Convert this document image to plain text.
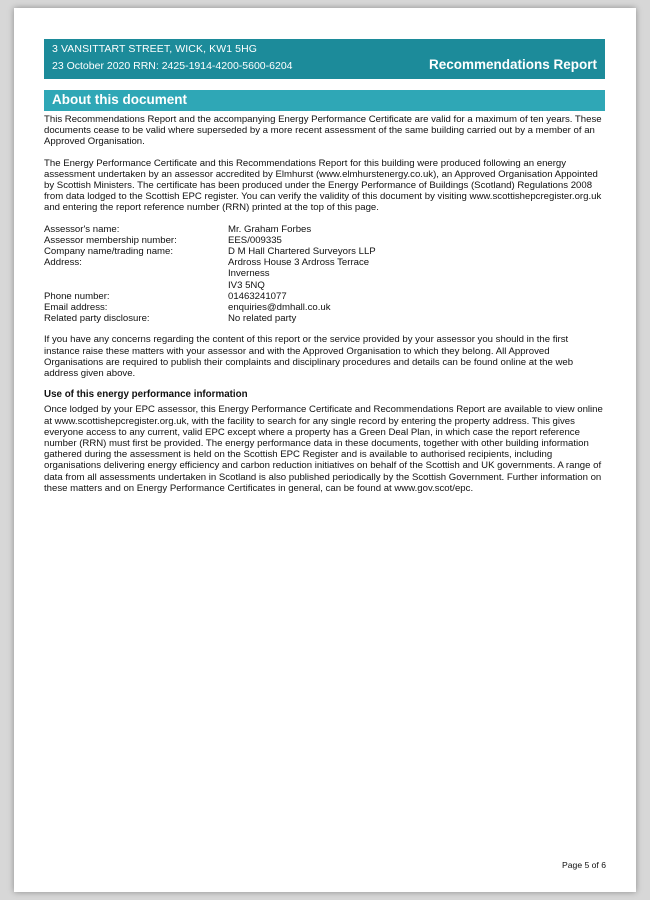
3 VANSITTART STREET, WICK, KW1 5HG
23 October 2020 RRN: 2425-1914-4200-5600-6204	Recommendations Report
About this document

This Recommendations Report and the accompanying Energy Performance Certificate are valid for a maximum of ten years. These documents cease to be valid where superseded by a more recent assessment of the same building carried out by a member of an Approved Organisation.

The Energy Performance Certificate and this Recommendations Report for this building were produced following an energy assessment undertaken by an assessor accredited by Elmhurst (www.elmhurstenergy.co.uk), an Approved Organisation Appointed by Scottish Ministers. The certificate has been produced under the Energy Performance of Buildings (Scotland) Regulations 2008 from data lodged to the Scottish EPC register. You can verify the validity of this document by visiting www.scottishepcregister.org.uk and entering the report reference number (RRN) printed at the top of this page.

Assessor's name:	Mr. Graham Forbes
Assessor membership number:	EES/009335
Company name/trading name:	D M Hall Chartered Surveyors LLP
Address:	Ardross House 3 Ardross Terrace
Inverness
IV3 5NQ
Phone number:	01463241077
Email address:	enquiries@dmhall.co.uk
Related party disclosure:	No related party

If you have any concerns regarding the content of this report or the service provided by your assessor you should in the first instance raise these matters with your assessor and with the Approved Organisation to which they belong. All Approved Organisations are required to publish their complaints and disciplinary procedures and details can be found online at the web address given above.

Use of this energy performance information

Once lodged by your EPC assessor, this Energy Performance Certificate and Recommendations Report are available to view online at www.scottishepcregister.org.uk, with the facility to search for any single record by entering the property address. This gives everyone access to any current, valid EPC except where a property has a Green Deal Plan, in which case the report reference number (RRN) must first be provided. The energy performance data in these documents, together with other building information gathered during the assessment is held on the Scottish EPC Register and is available to authorised recipients, including organisations delivering energy efficiency and carbon reduction initiatives on behalf of the Scottish and UK governments. A range of data from all assessments undertaken in Scotland is also published periodically by the Scottish Government. Further information on these matters and on Energy Performance Certificates in general, can be found at www.gov.scot/epc.

Page 5 of 6
